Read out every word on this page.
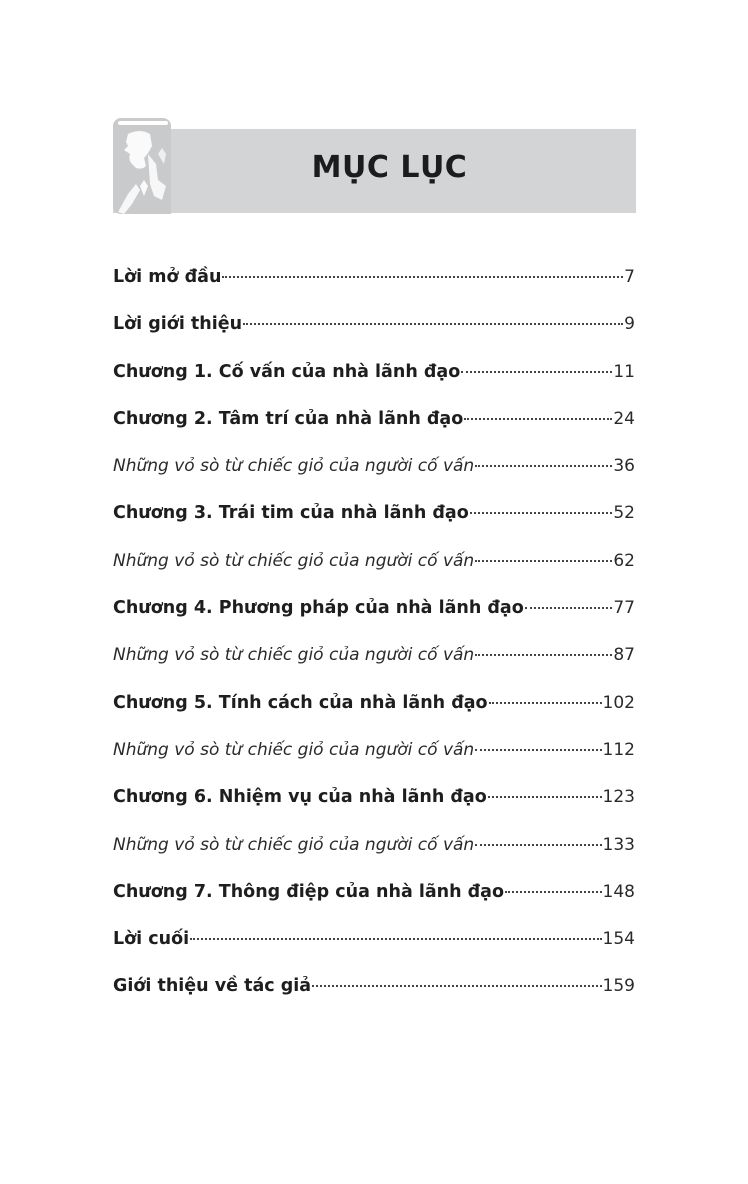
MỤC LỤC
Lời mở đầu	7
Lời giới thiệu	9
Chương 1. Cố vấn của nhà lãnh đạo	11
Chương 2. Tâm trí của nhà lãnh đạo	24
Những vỏ sò từ chiếc giỏ của người cố vấn	36
Chương 3. Trái tim của nhà lãnh đạo	52
Những vỏ sò từ chiếc giỏ của người cố vấn	62
Chương 4. Phương pháp của nhà lãnh đạo	77
Những vỏ sò từ chiếc giỏ của người cố vấn	87
Chương 5. Tính cách của nhà lãnh đạo	102
Những vỏ sò từ chiếc giỏ của người cố vấn	112
Chương 6. Nhiệm vụ của nhà lãnh đạo	123
Những vỏ sò từ chiếc giỏ của người cố vấn	133
Chương 7. Thông điệp của nhà lãnh đạo	148
Lời cuối	154
Giới thiệu về tác giả	159
